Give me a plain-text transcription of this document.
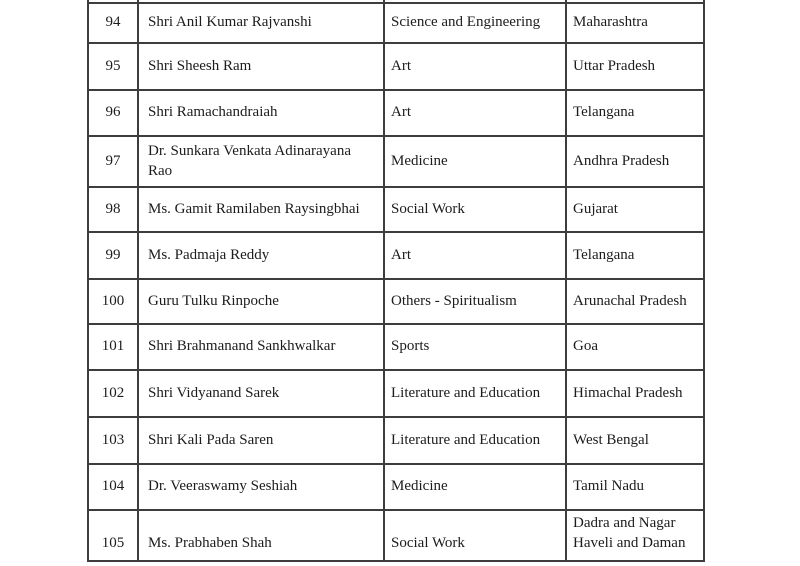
94	Shri Anil Kumar Rajvanshi	Science and Engineering	Maharashtra
95	Shri Sheesh Ram	Art	Uttar Pradesh
96	Shri Ramachandraiah	Art	Telangana
97	Dr. Sunkara Venkata Adinarayana Rao	Medicine	Andhra Pradesh
98	Ms. Gamit Ramilaben Raysingbhai	Social Work	Gujarat
99	Ms. Padmaja Reddy	Art	Telangana
100	Guru Tulku Rinpoche	Others - Spiritualism	Arunachal Pradesh
101	Shri Brahmanand Sankhwalkar	Sports	Goa
102	Shri Vidyanand Sarek	Literature and Education	Himachal Pradesh
103	Shri Kali Pada Saren	Literature and Education	West Bengal
104	Dr. Veeraswamy Seshiah	Medicine	Tamil Nadu
105	Ms. Prabhaben Shah	Social Work	Dadra and Nagar Haveli and Daman
